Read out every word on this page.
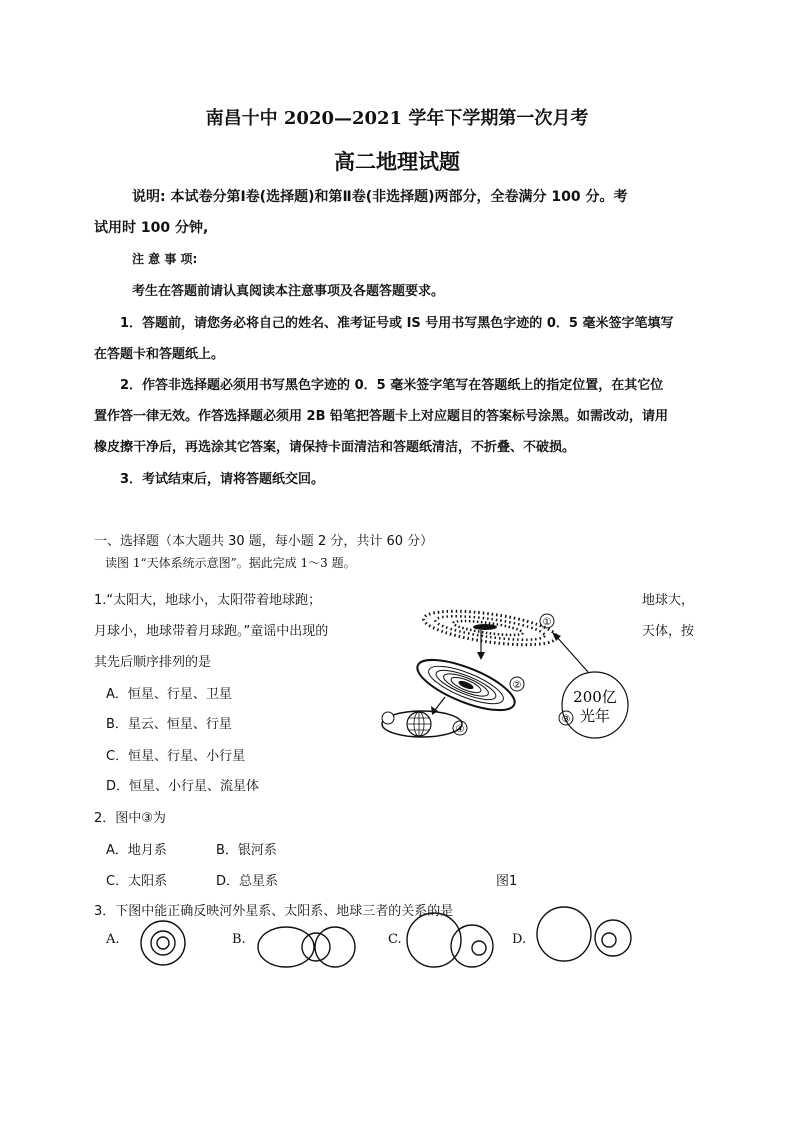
南昌十中 2020—2021 学年下学期第一次月考
高二地理试题
说明: 本试卷分第Ⅰ卷(选择题)和第Ⅱ卷(非选择题)两部分，全卷满分 100 分。考
试用时 100 分钟,
注 意 事 项:
考生在答题前请认真阅读本注意事项及各题答题要求。
1．答题前，请您务必将自己的姓名、准考证号或 IS 号用书写黑色字迹的 0．5 毫米签字笔填写
在答题卡和答题纸上。
2．作答非选择题必须用书写黑色字迹的 0．5 毫米签字笔写在答题纸上的指定位置，在其它位
置作答一律无效。作答选择题必须用 2B 铅笔把答题卡上对应题目的答案标号涂黑。如需改动，请用
橡皮擦干净后，再选涂其它答案，请保持卡面清洁和答题纸清洁，不折叠、不破损。
3．考试结束后，请将答题纸交回。
一、选择题（本大题共 30 题，每小题 2 分，共计 60 分）
读图 1“天体系统示意图”。据此完成 1～3 题。
1.“太阳大，地球小，太阳带着地球跑；	地球大，
月球小，地球带着月球跑。”童谣中出现的	天体，按
其先后顺序排列的是
A．恒星、行星、卫星
B．星云、恒星、行星
C．恒星、行星、小行星
D．恒星、小行星、流星体
2．图中③为
A．地月系	B．银河系
C．太阳系	D．总星系	图1
①
②
④
200亿
光年
③
3．下图中能正确反映河外星系、太阳系、地球三者的关系的是
A.	B.	C.	D.
